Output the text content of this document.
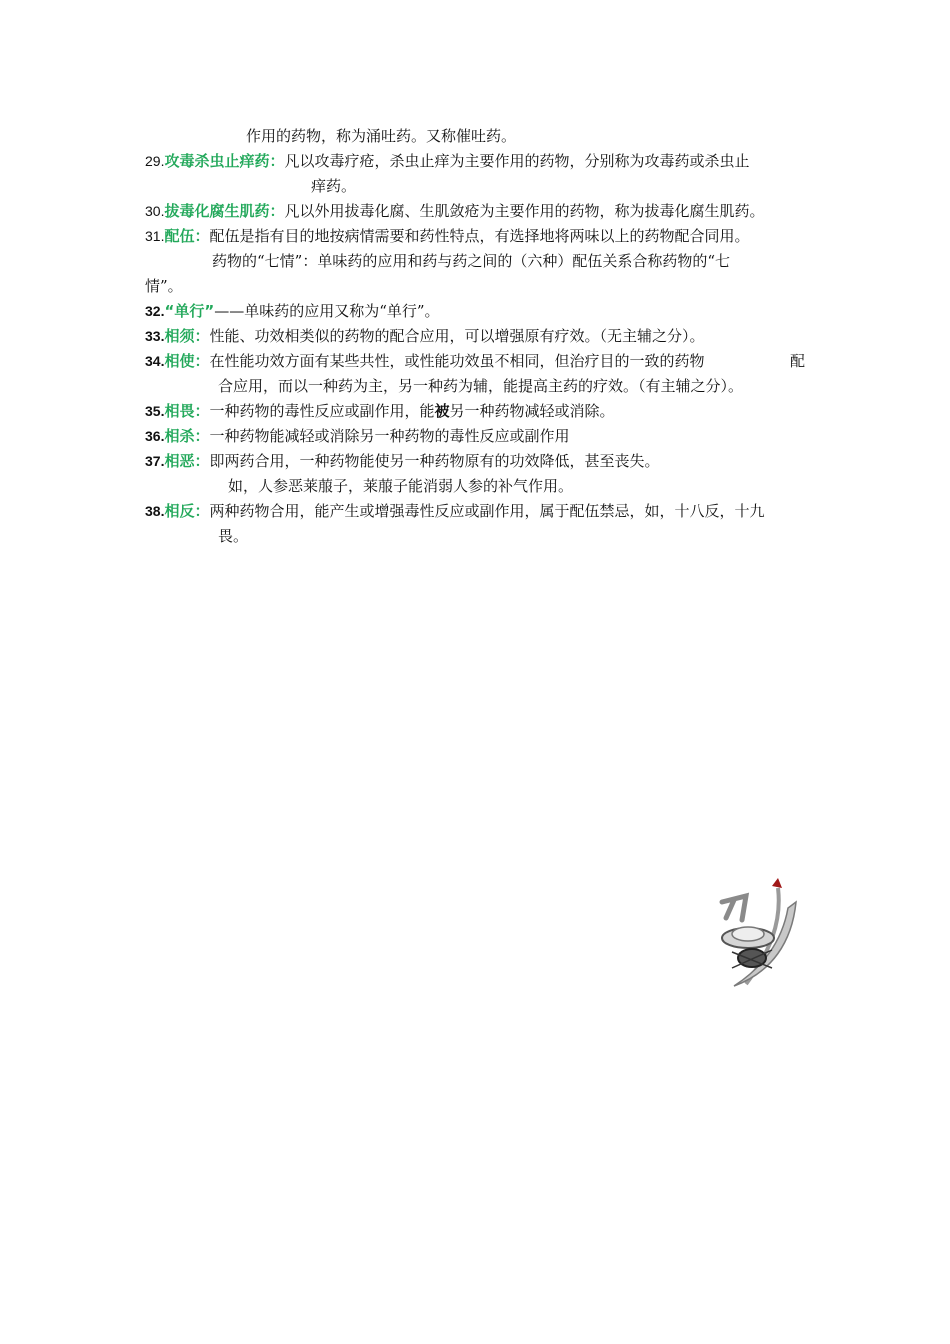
作用的药物，称为涌吐药。又称催吐药。
29.攻毒杀虫止痒药：凡以攻毒疗疮，杀虫止痒为主要作用的药物，分别称为攻毒药或杀虫止
痒药。
30.拔毒化腐生肌药：凡以外用拔毒化腐、生肌敛疮为主要作用的药物，称为拔毒化腐生肌药。
31.配伍：配伍是指有目的地按病情需要和药性特点，有选择地将两味以上的药物配合同用。
药物的“七情”：单味药的应用和药与药之间的（六种）配伍关系合称药物的“七
情”。
32.“单行”——单味药的应用又称为“单行”。
33.相须：性能、功效相类似的药物的配合应用，可以增强原有疗效。（无主辅之分）。
34.相使：在性能功效方面有某些共性，或性能功效虽不相同，但治疗目的一致的药物	配
合应用，而以一种药为主，另一种药为辅，能提高主药的疗效。（有主辅之分）。
35.相畏：一种药物的毒性反应或副作用，能被另一种药物减轻或消除。
36.相杀：一种药物能减轻或消除另一种药物的毒性反应或副作用
37.相恶：即两药合用，一种药物能使另一种药物原有的功效降低，甚至丧失。
如，人参恶莱菔子，莱菔子能消弱人参的补气作用。
38.相反：两种药物合用，能产生或增强毒性反应或副作用，属于配伍禁忌，如，十八反，十九
畏。
